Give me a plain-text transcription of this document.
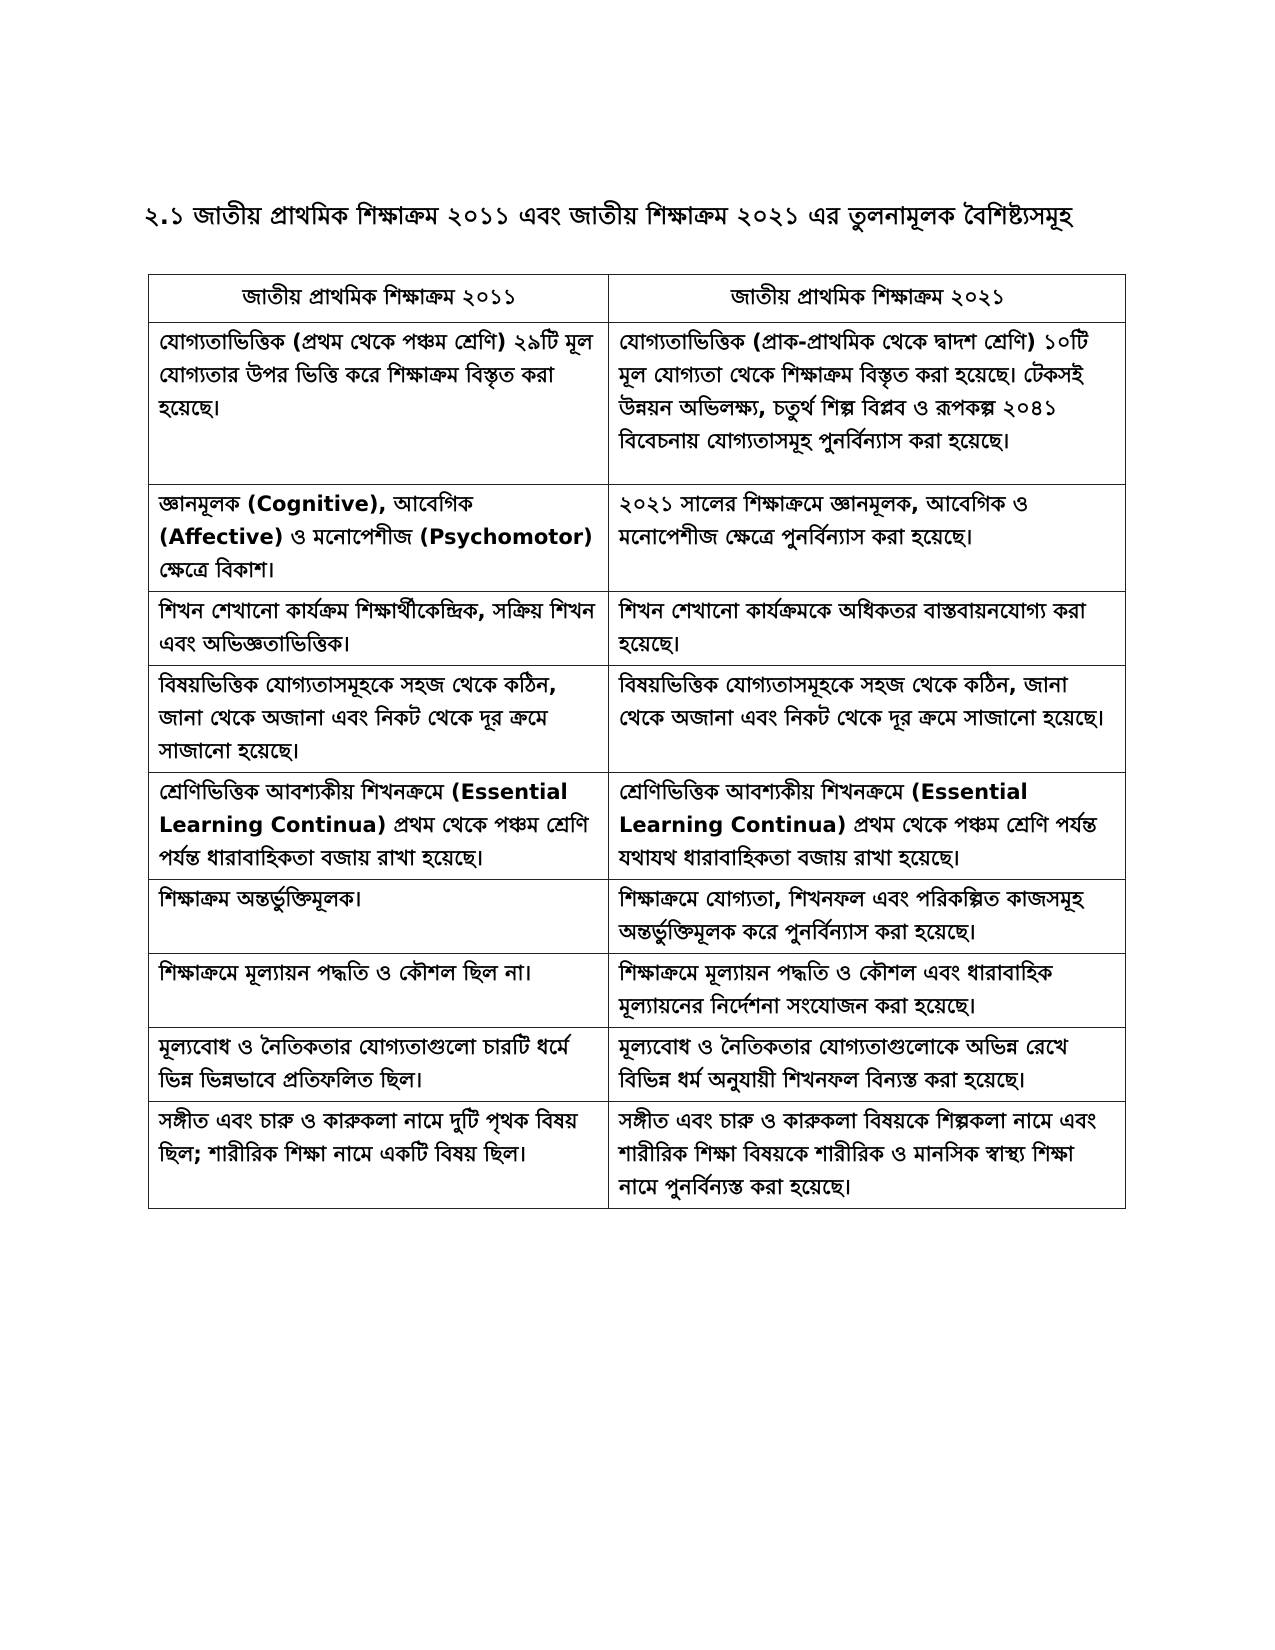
২.১ জাতীয় প্রাথমিক শিক্ষাক্রম ২০১১ এবং জাতীয় শিক্ষাক্রম ২০২১ এর তুলনামূলক বৈশিষ্ট্যসমূহ
জাতীয় প্রাথমিক শিক্ষাক্রম ২০১১	জাতীয় প্রাথমিক শিক্ষাক্রম ২০২১
যোগ্যতাভিত্তিক (প্রথম থেকে পঞ্চম শ্রেণি) ২৯টি মূল যোগ্যতার উপর ভিত্তি করে শিক্ষাক্রম বিস্তৃত করা হয়েছে।	যোগ্যতাভিত্তিক (প্রাক-প্রাথমিক থেকে দ্বাদশ শ্রেণি) ১০টি মূল যোগ্যতা থেকে শিক্ষাক্রম বিস্তৃত করা হয়েছে। টেকসই উন্নয়ন অভিলক্ষ্য, চতুর্থ শিল্প বিপ্লব ও রূপকল্প ২০৪১ বিবেচনায় যোগ্যতাসমূহ পুনর্বিন্যাস করা হয়েছে।
জ্ঞানমূলক (Cognitive), আবেগিক (Affective) ও মনোপেশীজ (Psychomotor) ক্ষেত্রে বিকাশ।	২০২১ সালের শিক্ষাক্রমে জ্ঞানমূলক, আবেগিক ও মনোপেশীজ ক্ষেত্রে পুনর্বিন্যাস করা হয়েছে।
শিখন শেখানো কার্যক্রম শিক্ষার্থীকেন্দ্রিক, সক্রিয় শিখন এবং অভিজ্ঞতাভিত্তিক।	শিখন শেখানো কার্যক্রমকে অধিকতর বাস্তবায়নযোগ্য করা হয়েছে।
বিষয়ভিত্তিক যোগ্যতাসমূহকে সহজ থেকে কঠিন, জানা থেকে অজানা এবং নিকট থেকে দূর ক্রমে সাজানো হয়েছে।	বিষয়ভিত্তিক যোগ্যতাসমূহকে সহজ থেকে কঠিন, জানা থেকে অজানা এবং নিকট থেকে দূর ক্রমে সাজানো হয়েছে।
শ্রেণিভিত্তিক আবশ্যকীয় শিখনক্রমে (Essential Learning Continua) প্রথম থেকে পঞ্চম শ্রেণি পর্যন্ত ধারাবাহিকতা বজায় রাখা হয়েছে।	শ্রেণিভিত্তিক আবশ্যকীয় শিখনক্রমে (Essential Learning Continua) প্রথম থেকে পঞ্চম শ্রেণি পর্যন্ত যথাযথ ধারাবাহিকতা বজায় রাখা হয়েছে।
শিক্ষাক্রম অন্তর্ভুক্তিমূলক।	শিক্ষাক্রমে যোগ্যতা, শিখনফল এবং পরিকল্পিত কাজসমূহ অন্তর্ভুক্তিমূলক করে পুনর্বিন্যাস করা হয়েছে।
শিক্ষাক্রমে মূল্যায়ন পদ্ধতি ও কৌশল ছিল না।	শিক্ষাক্রমে মূল্যায়ন পদ্ধতি ও কৌশল এবং ধারাবাহিক মূল্যায়নের নির্দেশনা সংযোজন করা হয়েছে।
মূল্যবোধ ও নৈতিকতার যোগ্যতাগুলো চারটি ধর্মে ভিন্ন ভিন্নভাবে প্রতিফলিত ছিল।	মূল্যবোধ ও নৈতিকতার যোগ্যতাগুলোকে অভিন্ন রেখে বিভিন্ন ধর্ম অনুযায়ী শিখনফল বিন্যস্ত করা হয়েছে।
সঙ্গীত এবং চারু ও কারুকলা নামে দুটি পৃথক বিষয় ছিল; শারীরিক শিক্ষা নামে একটি বিষয় ছিল।	সঙ্গীত এবং চারু ও কারুকলা বিষয়কে শিল্পকলা নামে এবং শারীরিক শিক্ষা বিষয়কে শারীরিক ও মানসিক স্বাস্থ্য শিক্ষা নামে পুনর্বিন্যস্ত করা হয়েছে।
